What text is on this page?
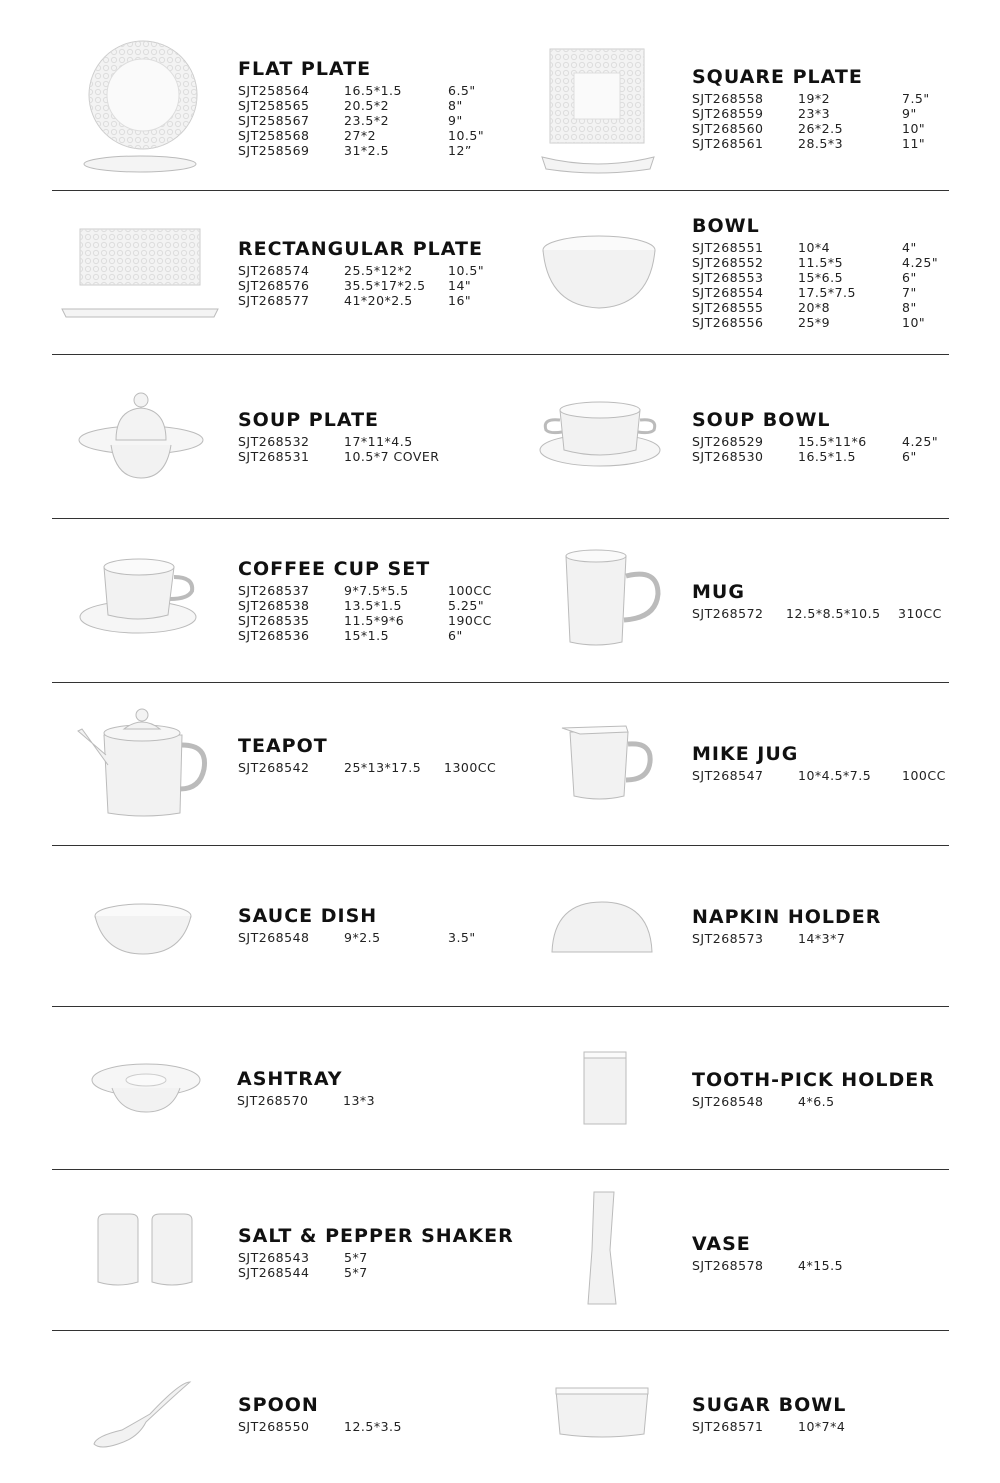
FLAT PLATE
SJT258564	16.5*1.5	6.5"
SJT258565	20.5*2	8"
SJT258567	23.5*2	9"
SJT258568	27*2	10.5"
SJT258569	31*2.5	12”
SQUARE PLATE
SJT268558	19*2	7.5"
SJT268559	23*3	9"
SJT268560	26*2.5	10"
SJT268561	28.5*3	11"
RECTANGULAR PLATE
SJT268574	25.5*12*2	10.5"
SJT268576	35.5*17*2.5 14"
SJT268577	41*20*2.5	16"
BOWL
SJT268551	10*4	4"
SJT268552	11.5*5	4.25"
SJT268553	15*6.5	6"
SJT268554	17.5*7.5	7"
SJT268555	20*8	8"
SJT268556	25*9	10"
SOUP PLATE
SJT268532	17*11*4.5
SJT268531	10.5*7 COVER
SOUP BOWL
SJT268529	15.5*11*6	4.25"
SJT268530	16.5*1.5	6"
COFFEE CUP SET
SJT268537	9*7.5*5.5	100CC
SJT268538	13.5*1.5	5.25"
SJT268535	11.5*9*6	190CC
SJT268536	15*1.5	6"
MUG
SJT268572 12.5*8.5*10.5 310CC
TEAPOT
SJT268542	25*13*17.5 1300CC
MIKE JUG
SJT268547	10*4.5*7.5 100CC
SAUCE DISH
SJT268548	9*2.5	3.5"
NAPKIN HOLDER
SJT268573	14*3*7
ASHTRAY
SJT268570	13*3
TOOTH-PICK HOLDER
SJT268548	4*6.5
SALT & PEPPER SHAKER
SJT268543	5*7
SJT268544	5*7
VASE
SJT268578	4*15.5
SPOON
SJT268550	12.5*3.5
SUGAR BOWL
SJT268571	10*7*4
